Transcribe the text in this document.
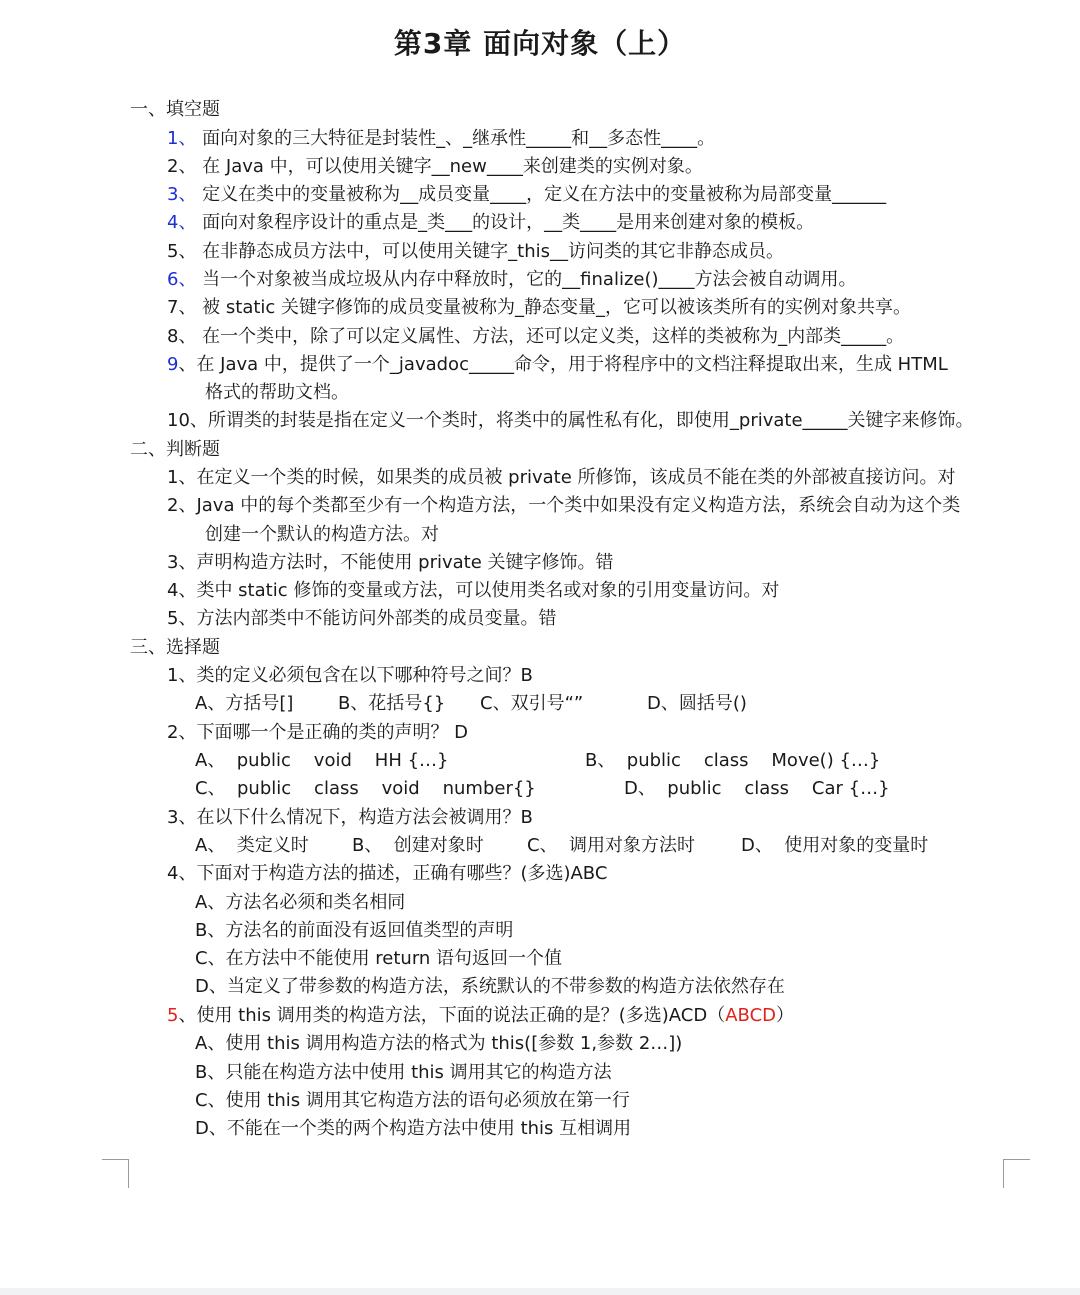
第3章 面向对象（上）
一、填空题
1、 面向对象的三大特征是封装性_、_继承性_____和__多态性____。
2、 在 Java 中，可以使用关键字__new____来创建类的实例对象。
3、 定义在类中的变量被称为__成员变量____，定义在方法中的变量被称为局部变量______
4、 面向对象程序设计的重点是_类___的设计，__类____是用来创建对象的模板。
5、 在非静态成员方法中，可以使用关键字_this__访问类的其它非静态成员。
6、 当一个对象被当成垃圾从内存中释放时，它的__finalize()____方法会被自动调用。
7、 被 static 关键字修饰的成员变量被称为_静态变量_，它可以被该类所有的实例对象共享。
8、 在一个类中，除了可以定义属性、方法，还可以定义类，这样的类被称为_内部类_____。
9、在 Java 中，提供了一个_javadoc_____命令，用于将程序中的文档注释提取出来，生成 HTML
格式的帮助文档。
10、所谓类的封装是指在定义一个类时，将类中的属性私有化，即使用_private_____关键字来修饰。
二、判断题
1、在定义一个类的时候，如果类的成员被 private 所修饰，该成员不能在类的外部被直接访问。对
2、Java 中的每个类都至少有一个构造方法，一个类中如果没有定义构造方法，系统会自动为这个类
创建一个默认的构造方法。对
3、声明构造方法时，不能使用 private 关键字修饰。错
4、类中 static 修饰的变量或方法，可以使用类名或对象的引用变量访问。对
5、方法内部类中不能访问外部类的成员变量。错
三、选择题
1、类的定义必须包含在以下哪种符号之间？B
A、方括号[] B、花括号{} C、双引号“”	D、圆括号()
2、下面哪一个是正确的类的声明？ D
A、  public    void    HH {…}	B、  public    class    Move() {…}
C、  public    class    void    number{}	D、  public    class    Car {…}
3、在以下什么情况下，构造方法会被调用？B
A、  类定义时 B、  创建对象时 C、  调用对象方法时	D、  使用对象的变量时
4、下面对于构造方法的描述，正确有哪些？(多选)ABC
A、方法名必须和类名相同
B、方法名的前面没有返回值类型的声明
C、在方法中不能使用 return 语句返回一个值
D、当定义了带参数的构造方法，系统默认的不带参数的构造方法依然存在
5、使用 this 调用类的构造方法，下面的说法正确的是？(多选)ACD（ABCD）
A、使用 this 调用构造方法的格式为 this([参数 1,参数 2…])
B、只能在构造方法中使用 this 调用其它的构造方法
C、使用 this 调用其它构造方法的语句必须放在第一行
D、不能在一个类的两个构造方法中使用 this 互相调用
